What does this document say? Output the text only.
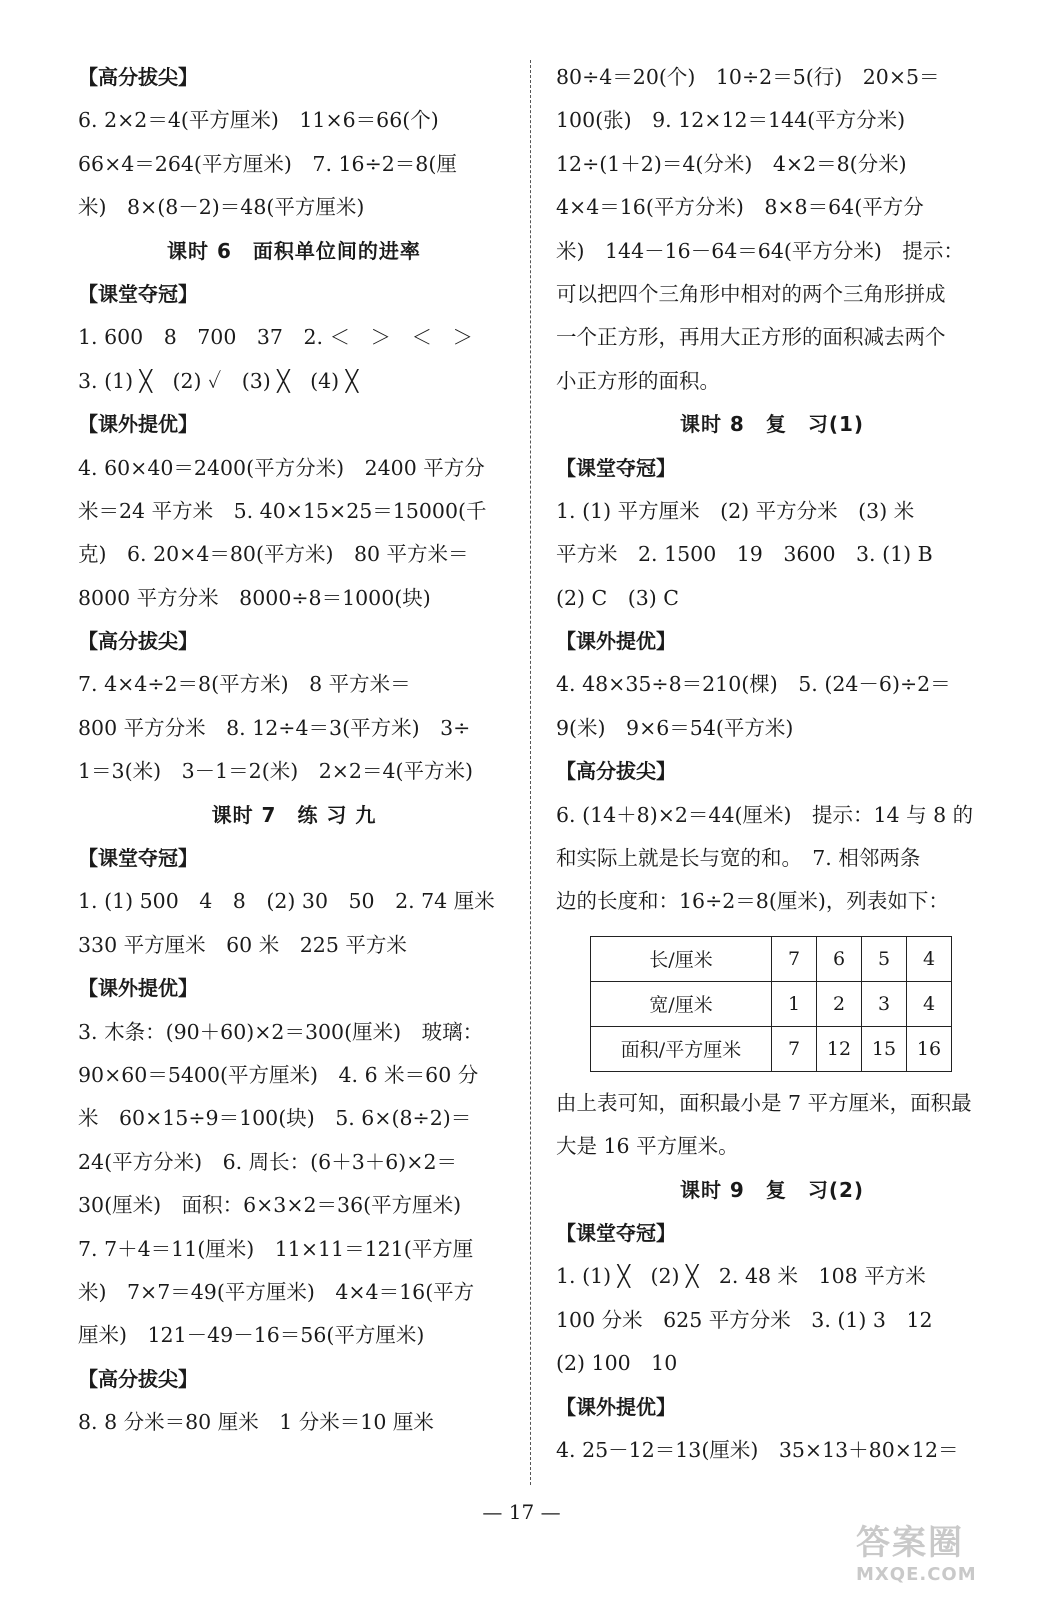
【高分拔尖】
6. 2×2＝4(平方厘米)　11×6＝66(个)
66×4＝264(平方厘米)　7. 16÷2＝8(厘
米)　8×(8－2)＝48(平方厘米)
课时 6　面积单位间的进率
【课堂夺冠】
1. 600　8　700　37　2. ＜　＞　＜　＞
3. (1) ╳　(2) ✓　(3) ╳　(4) ╳
【课外提优】
4. 60×40＝2400(平方分米)　2400 平方分
米＝24 平方米　5. 40×15×25＝15000(千
克)　6. 20×4＝80(平方米)　80 平方米＝
8000 平方分米　8000÷8＝1000(块)
【高分拔尖】
7. 4×4÷2＝8(平方米)　8 平方米＝
800 平方分米　8. 12÷4＝3(平方米)　3÷
1＝3(米)　3－1＝2(米)　2×2＝4(平方米)
课时 7　练 习 九
【课堂夺冠】
1. (1) 500　4　8　(2) 30　50　2. 74 厘米
330 平方厘米　60 米　225 平方米
【课外提优】
3. 木条：(90＋60)×2＝300(厘米)　玻璃：
90×60＝5400(平方厘米)　4. 6 米＝60 分
米　60×15÷9＝100(块)　5. 6×(8÷2)＝
24(平方分米)　6. 周长：(6＋3＋6)×2＝
30(厘米)　面积：6×3×2＝36(平方厘米)
7. 7＋4＝11(厘米)　11×11＝121(平方厘
米)　7×7＝49(平方厘米)　4×4＝16(平方
厘米)　121－49－16＝56(平方厘米)
【高分拔尖】
8. 8 分米＝80 厘米　1 分米＝10 厘米
80÷4＝20(个)　10÷2＝5(行)　20×5＝
100(张)　9. 12×12＝144(平方分米)
12÷(1＋2)＝4(分米)　4×2＝8(分米)
4×4＝16(平方分米)　8×8＝64(平方分
米)　144－16－64＝64(平方分米)　提示：
可以把四个三角形中相对的两个三角形拼成
一个正方形，再用大正方形的面积减去两个
小正方形的面积。
课时 8　复　习(1)
【课堂夺冠】
1. (1) 平方厘米　(2) 平方分米　(3) 米
平方米　2. 1500　19　3600　3. (1) B
(2) C　(3) C
【课外提优】
4. 48×35÷8＝210(棵)　5. (24－6)÷2＝
9(米)　9×6＝54(平方米)
【高分拔尖】
6. (14＋8)×2＝44(厘米)　提示：14 与 8 的
和实际上就是长与宽的和。　7. 相邻两条
边的长度和：16÷2＝8(厘米)，列表如下：
长/厘米	7	6	5	4
宽/厘米	1	2	3	4
面积/平方厘米	7	12	15	16
由上表可知，面积最小是 7 平方厘米，面积最
大是 16 平方厘米。
课时 9　复　习(2)
【课堂夺冠】
1. (1) ╳　(2) ╳　2. 48 米　108 平方米
100 分米　625 平方分米　3. (1) 3　12
(2) 100　10
【课外提优】
4. 25－12＝13(厘米)　35×13＋80×12＝
— 17 —
答案圈
MXQE.COM
